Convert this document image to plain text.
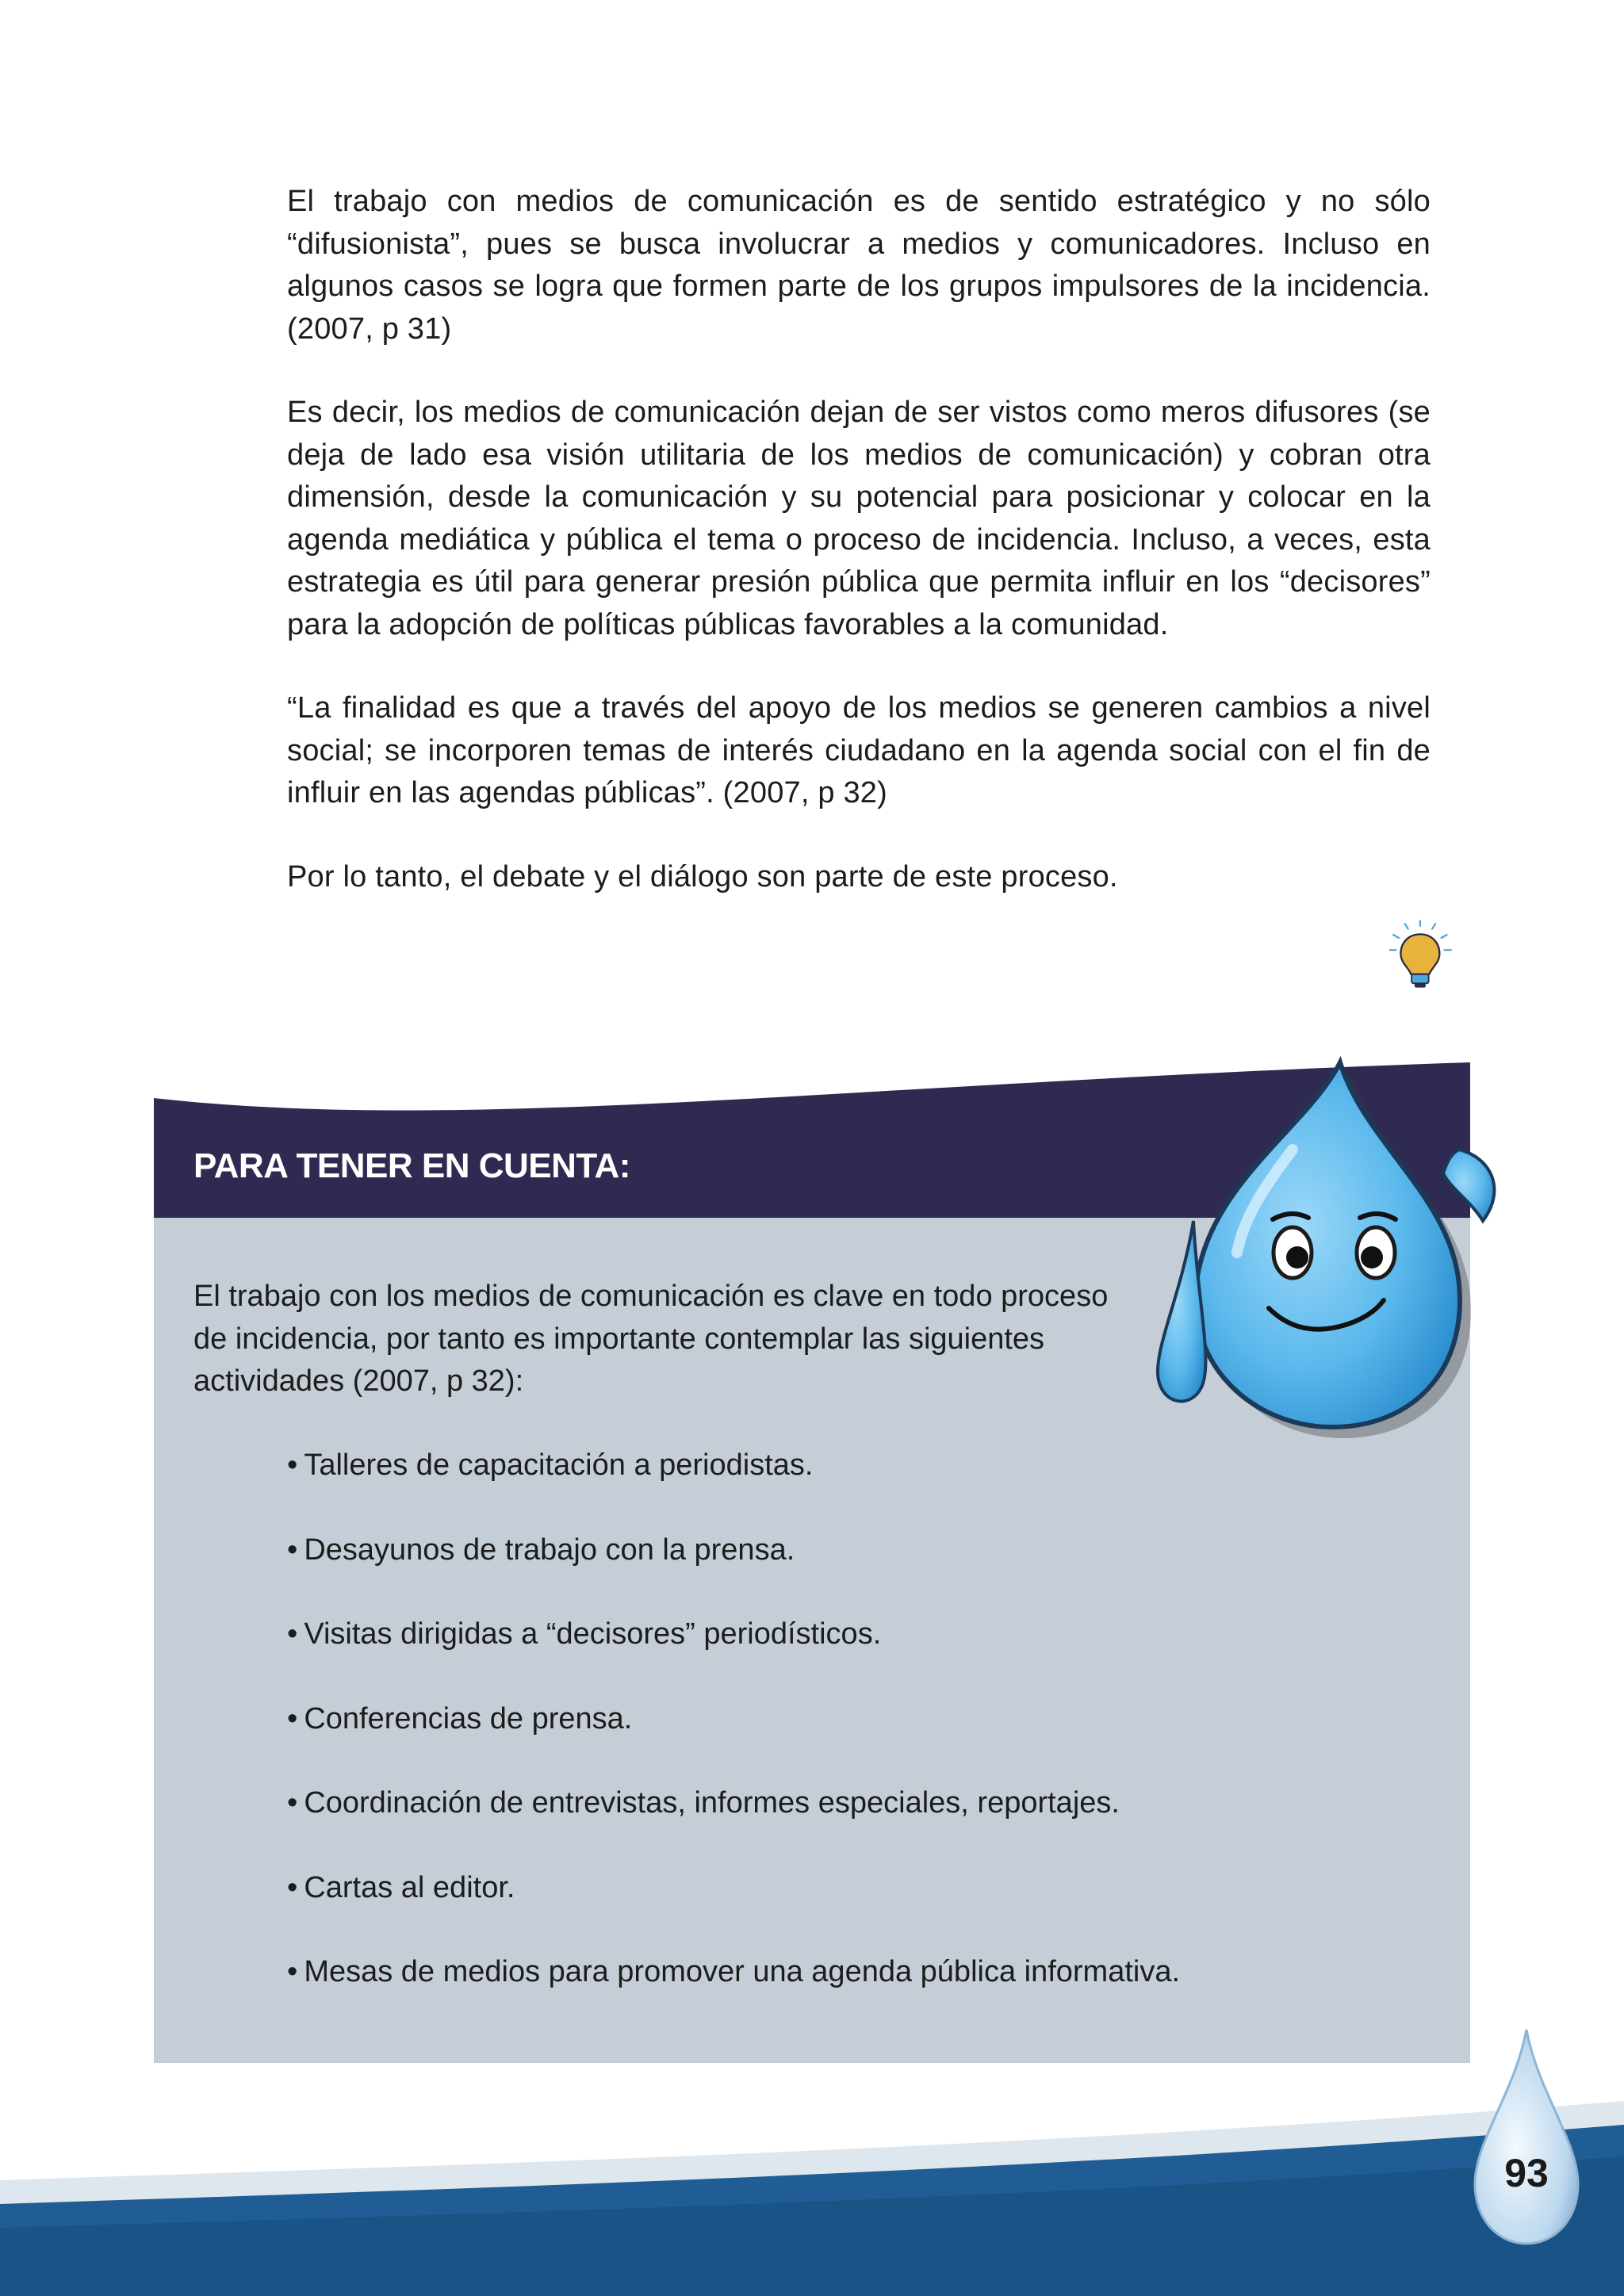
El trabajo con medios de comunicación es de sentido estratégico y no sólo “difusionista”, pues se busca involucrar a medios y comunicadores. Incluso en algunos casos se logra que formen parte de los grupos impulsores de la incidencia. (2007, p 31)

Es decir, los medios de comunicación dejan de ser vistos como meros difusores (se deja de lado esa visión utilitaria de los medios de comunicación) y cobran otra dimensión, desde la comunicación y su potencial para posicionar y colocar en la agenda mediática y pública el tema o proceso de incidencia. Incluso, a veces, esta estrategia es útil para generar presión pública que permita influir en los “decisores” para la adopción de políticas públicas favorables a la comunidad.

“La finalidad es que a través del apoyo de los medios se generen cambios a nivel social; se incorporen temas de interés ciudadano en la agenda social con el fin de influir en las agendas públicas”. (2007, p 32)

Por lo tanto, el debate y el diálogo son parte de este proceso.

PARA TENER EN CUENTA:

El trabajo con los medios de comunicación es clave en todo proceso de incidencia, por tanto es importante contemplar las siguientes actividades (2007, p 32):

• Talleres de capacitación a periodistas.
• Desayunos de trabajo con la prensa.
• Visitas dirigidas a “decisores” periodísticos.
• Conferencias de prensa.
• Coordinación de entrevistas, informes especiales, reportajes.
• Cartas al editor.
• Mesas de medios para promover una agenda pública informativa.

93
